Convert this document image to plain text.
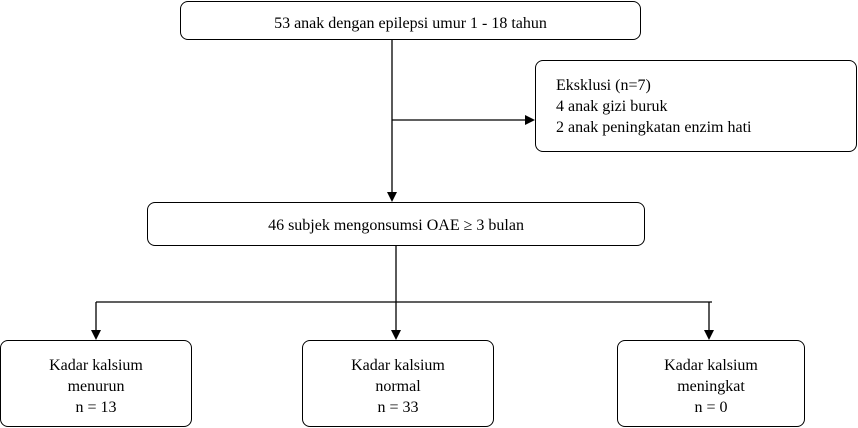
53 anak dengan epilepsi umur 1 - 18 tahun
Eksklusi (n=7)
4 anak gizi buruk
2 anak peningkatan enzim hati
46 subjek mengonsumsi OAE ≥ 3 bulan
Kadar kalsium
menurun
n = 13
Kadar kalsium
normal
n = 33
Kadar kalsium
meningkat
n = 0
